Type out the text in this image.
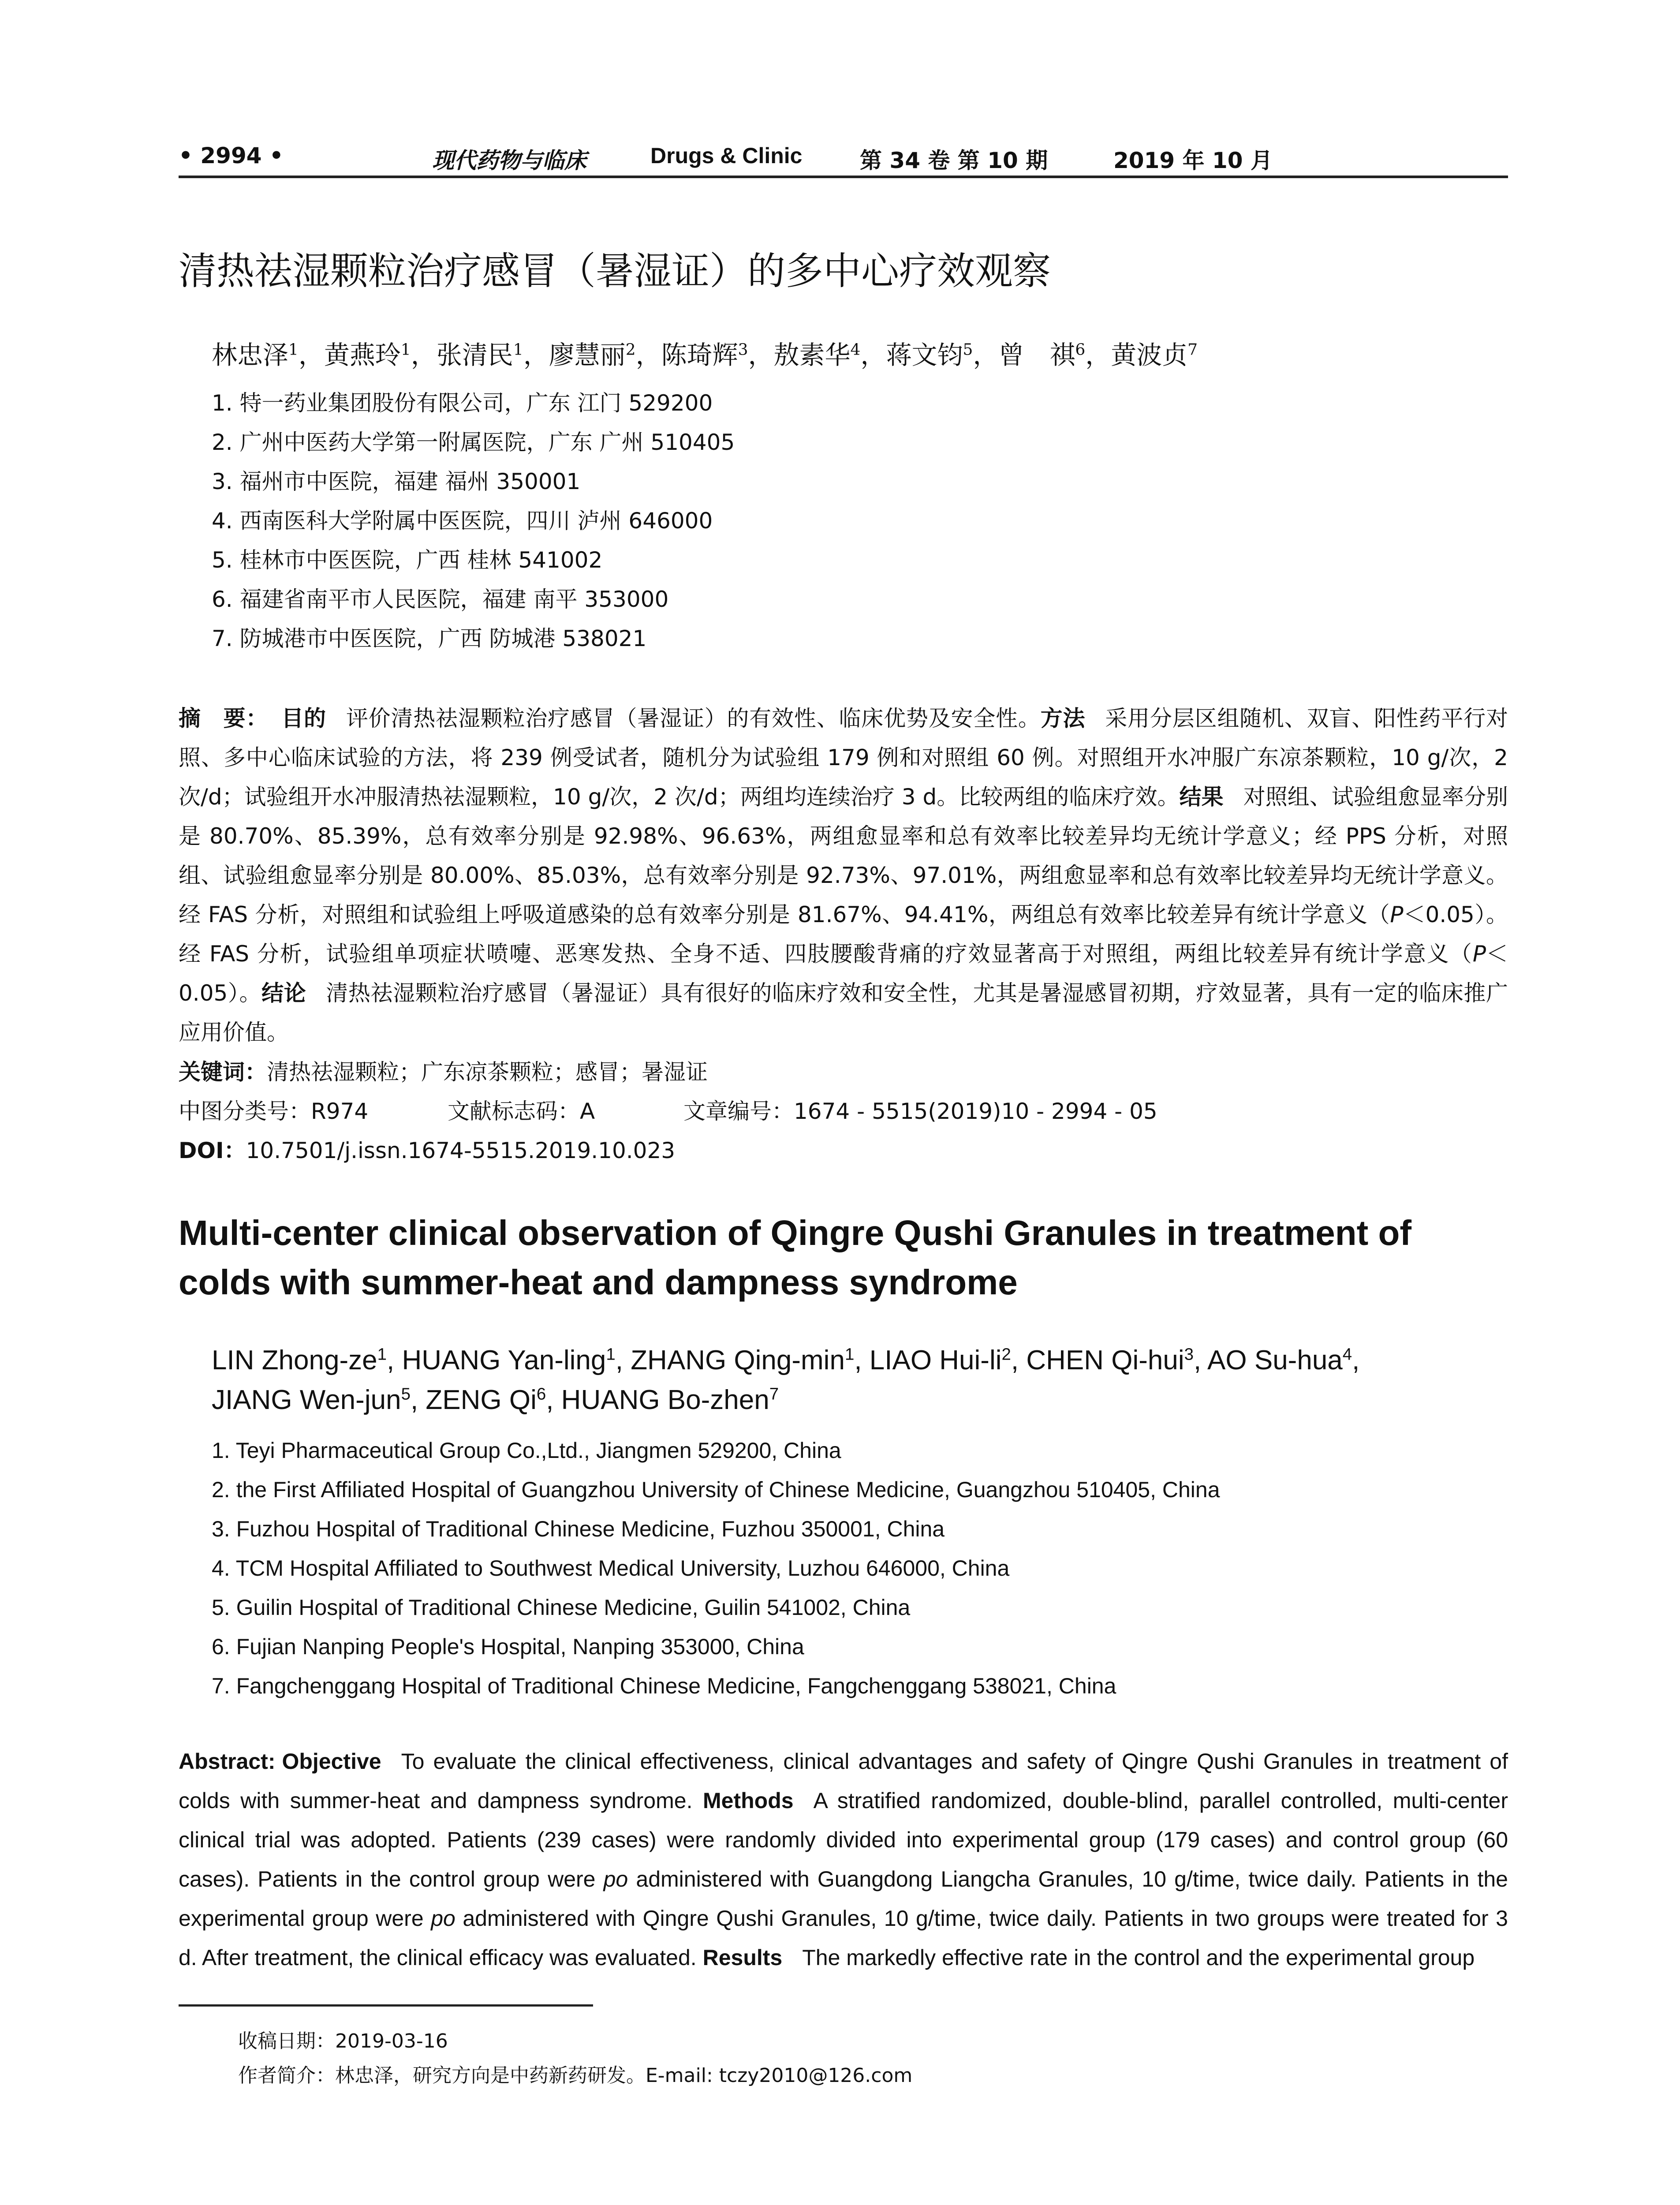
• 2994 •	现代药物与临床	Drugs & Clinic	第 34 卷 第 10 期	2019 年 10 月
清热祛湿颗粒治疗感冒（暑湿证）的多中心疗效观察
林忠泽$^1$，黄燕玲$^1$，张清民$^1$，廖慧丽$^2$，陈琦辉$^3$，敖素华$^4$，蒋文钧$^5$，曾　祺$^6$，黄波贞$^7$
1. 特一药业集团股份有限公司，广东 江门 529200
2. 广州中医药大学第一附属医院，广东 广州 510405
3. 福州市中医院，福建 福州 350001
4. 西南医科大学附属中医医院，四川 泸州 646000
5. 桂林市中医医院，广西 桂林 541002
6. 福建省南平市人民医院，福建 南平 353000
7. 防城港市中医医院，广西 防城港 538021

摘　要： 目的 评价清热祛湿颗粒治疗感冒（暑湿证）的有效性、临床优势及安全性。方法 采用分层区组随机、双盲、阳性药平行对照、多中心临床试验的方法，将 239 例受试者，随机分为试验组 179 例和对照组 60 例。对照组开水冲服广东凉茶颗粒，10 g/次，2 次/d；试验组开水冲服清热祛湿颗粒，10 g/次，2 次/d；两组均连续治疗 3 d。比较两组的临床疗效。结果 对照组、试验组愈显率分别是 80.70%、85.39%，总有效率分别是 92.98%、96.63%，两组愈显率和总有效率比较差异均无统计学意义；经 PPS 分析，对照组、试验组愈显率分别是 80.00%、85.03%，总有效率分别是 92.73%、97.01%，两组愈显率和总有效率比较差异均无统计学意义。经 FAS 分析，对照组和试验组上呼吸道感染的总有效率分别是 81.67%、94.41%，两组总有效率比较差异有统计学意义（P＜0.05）。经 FAS 分析，试验组单项症状喷嚏、恶寒发热、全身不适、四肢腰酸背痛的疗效显著高于对照组，两组比较差异有统计学意义（P＜0.05）。结论 清热祛湿颗粒治疗感冒（暑湿证）具有很好的临床疗效和安全性，尤其是暑湿感冒初期，疗效显著，具有一定的临床推广应用价值。

关键词：清热祛湿颗粒；广东凉茶颗粒；感冒；暑湿证

中图分类号：R974	文献标志码：A	文章编号：1674 - 5515(2019)10 - 2994 - 05

DOI：10.7501/j.issn.1674-5515.2019.10.023

Multi-center clinical observation of Qingre Qushi Granules in treatment of colds with summer-heat and dampness syndrome

LIN Zhong-$ze^1$, HUANG Yan-ling$^1$, ZHANG Qing-$\min^1$, LIAO Hui-$li^2$, CHEN Qi-hui$^3$, AO Su-hua$^4$,
JIANG Wen-jun$^5$, ZENG Qi$^6$, HUANG Bo-zhen$^7$

1. Teyi Pharmaceutical Group Co.,Ltd., Jiangmen 529200, China
2. the First Affiliated Hospital of Guangzhou University of Chinese Medicine, Guangzhou 510405, China
3. Fuzhou Hospital of Traditional Chinese Medicine, Fuzhou 350001, China
4. TCM Hospital Affiliated to Southwest Medical University, Luzhou 646000, China
5. Guilin Hospital of Traditional Chinese Medicine, Guilin 541002, China
6. Fujian Nanping People's Hospital, Nanping 353000, China
7. Fangchenggang Hospital of Traditional Chinese Medicine, Fangchenggang 538021, China

Abstract: Objective To evaluate the clinical effectiveness, clinical advantages and safety of Qingre Qushi Granules in treatment of colds with summer-heat and dampness syndrome. Methods A stratified randomized, double-blind, parallel controlled, multi-center clinical trial was adopted. Patients (239 cases) were randomly divided into experimental group (179 cases) and control group (60 cases). Patients in the control group were po administered with Guangdong Liangcha Granules, 10 g/time, twice daily. Patients in the experimental group were po administered with Qingre Qushi Granules, 10 g/time, twice daily. Patients in two groups were treated for 3 d. After treatment, the clinical efficacy was evaluated. Results The markedly effective rate in the control and the experimental group

收稿日期：2019-03-16
作者简介：林忠泽，研究方向是中药新药研发。E-mail: tczy2010@126.com
